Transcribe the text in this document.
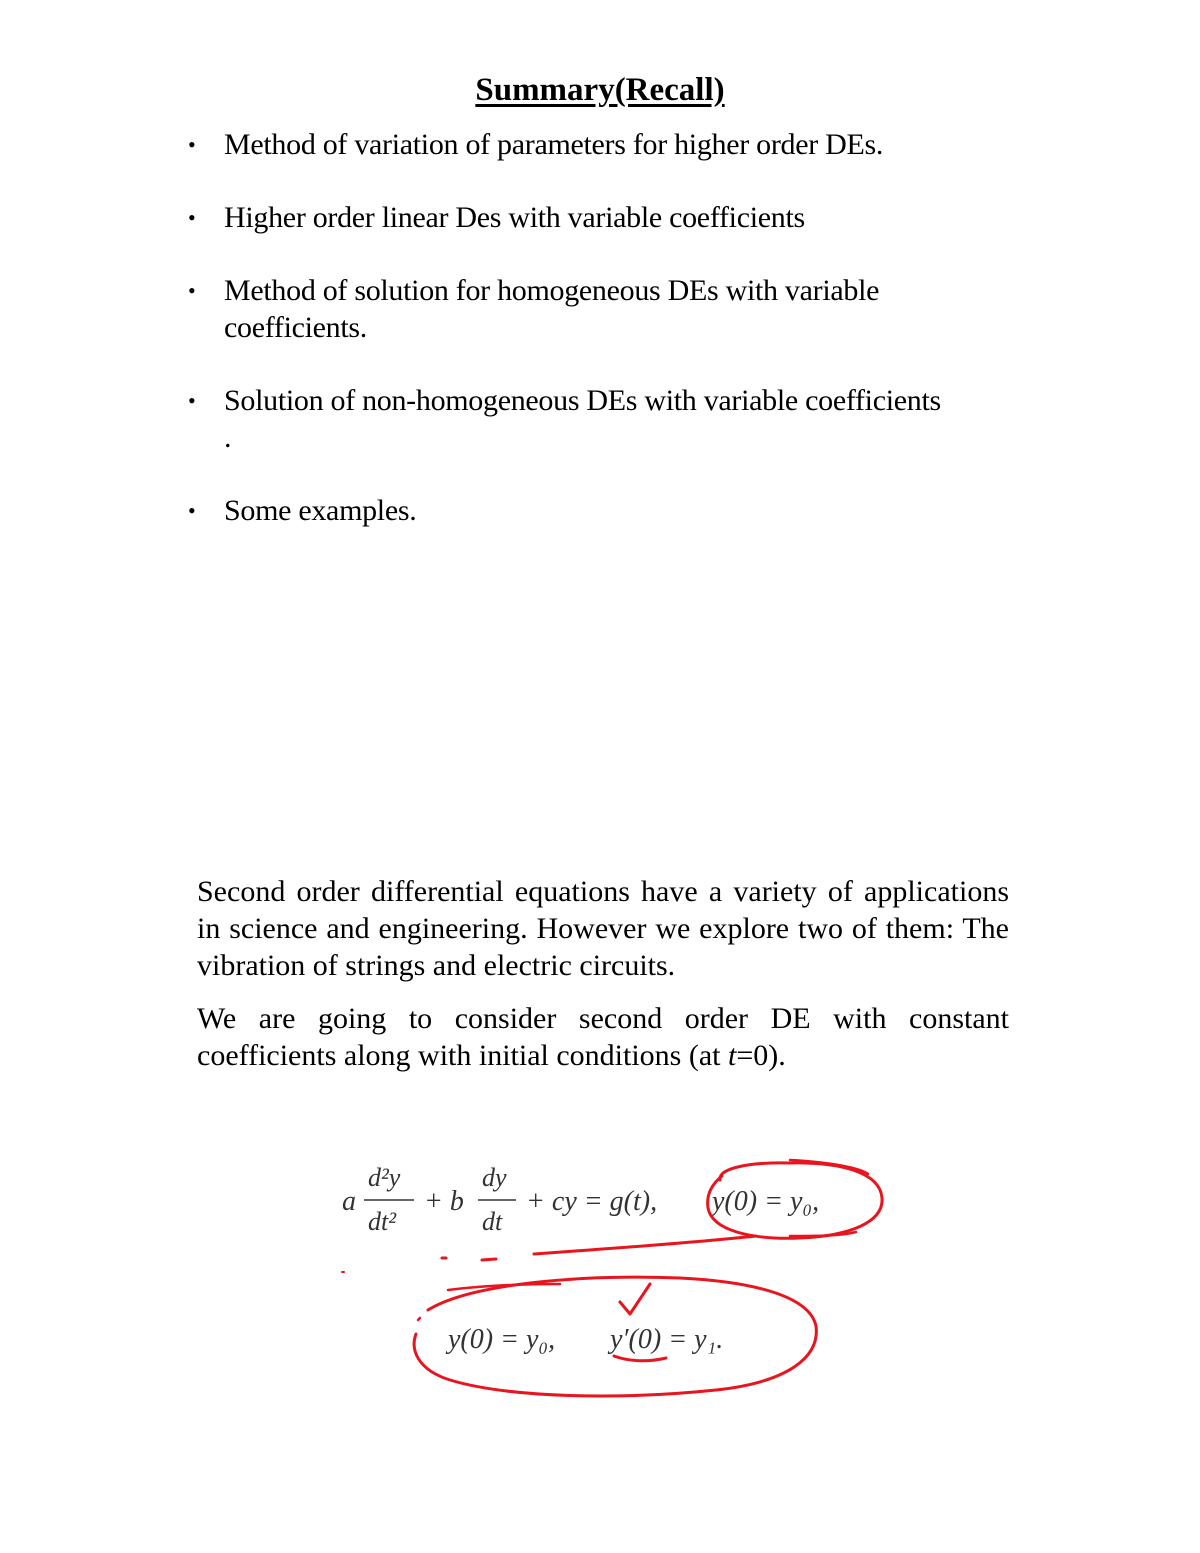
Summary(Recall)
• Method of variation of parameters for higher order DEs.
• Higher order linear Des with variable coefficients
• Method of solution for homogeneous DEs with variable coefficients.
• Solution of non-homogeneous DEs with variable coefficients .
• Some examples.

Second order differential equations have a variety of applications in science and engineering. However we explore two of them: The vibration of strings and electric circuits.

We are going to consider second order DE with constant coefficients along with initial conditions (at t=0).

a
d²y
dt²
+ b
dy
dt
+ cy = g(t), y(0) = y₀,
y(0) = y₀, y′(0) = y₁.
